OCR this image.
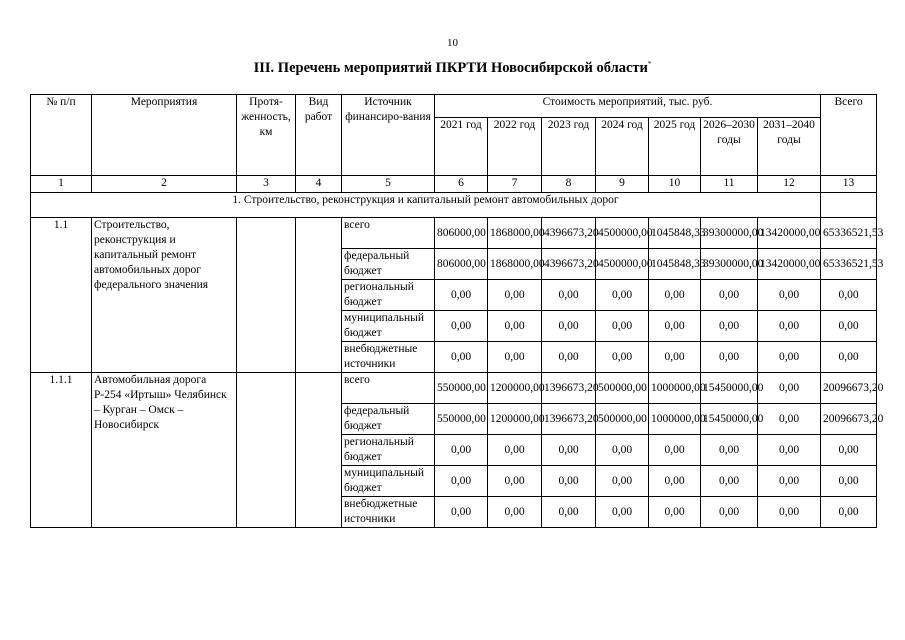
10
III. Перечень мероприятий ПКРТИ Новосибирской области*
№ п/п	Мероприятия	Протя-женность, км	Вид работ	Источник финансиро-вания	Стоимость мероприятий, тыс. руб.							Всего
					2021 год	2022 год	2023 год	2024 год	2025 год	2026–2030 годы	2031–2040 годы	
1	2	3	4	5	6	7	8	9	10	11	12	13
1. Строительство, реконструкция и капитальный ремонт автомобильных дорог												
1.1	Строительство, реконструкция и капитальный ремонт автомобильных дорог федерального значения			всего	806000,00	1868000,00	4396673,20	4500000,00	1045848,33	39300000,00	13420000,00	65336521,53
				федеральный бюджет	806000,00	1868000,00	4396673,20	4500000,00	1045848,33	39300000,00	13420000,00	65336521,53
				региональный бюджет	0,00	0,00	0,00	0,00	0,00	0,00	0,00	0,00
				муниципальный бюджет	0,00	0,00	0,00	0,00	0,00	0,00	0,00	0,00
				внебюджетные источники	0,00	0,00	0,00	0,00	0,00	0,00	0,00	0,00
1.1.1	Автомобильная дорога Р-254 «Иртыш» Челябинск – Курган – Омск – Новосибирск			всего	550000,00	1200000,00	1396673,20	500000,00	1000000,00	15450000,00	0,00	20096673,20
				федеральный бюджет	550000,00	1200000,00	1396673,20	500000,00	1000000,00	15450000,00	0,00	20096673,20
				региональный бюджет	0,00	0,00	0,00	0,00	0,00	0,00	0,00	0,00
				муниципальный бюджет	0,00	0,00	0,00	0,00	0,00	0,00	0,00	0,00
				внебюджетные источники	0,00	0,00	0,00	0,00	0,00	0,00	0,00	0,00
